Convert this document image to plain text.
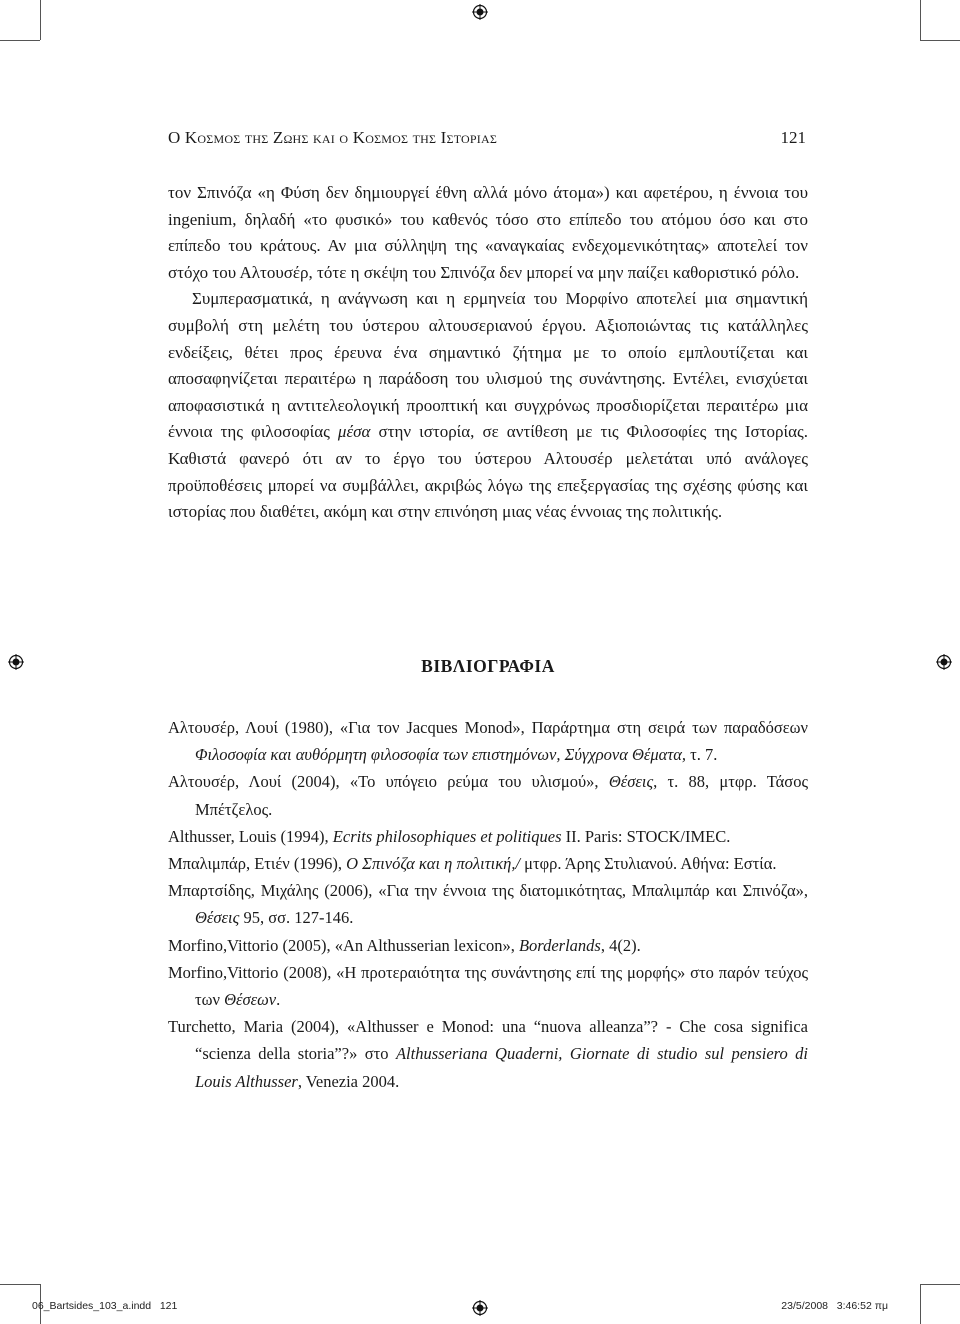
Ο Κοσμος της Ζωης και ο Κοσμος της Ιστοριας	121

τον Σπινόζα «η Φύση δεν δημιουργεί έθνη αλλά μόνο άτομα») και αφετέρου, η έννοια του ingenium, δηλαδή «το φυσικό» του καθενός τόσο στο επίπεδο του ατόμου όσο και στο επίπεδο του κράτους. Αν μια σύλληψη της «αναγκαίας ενδεχομενικότητας» αποτελεί τον στόχο του Αλτουσέρ, τότε η σκέψη του Σπινόζα δεν μπορεί να μην παίζει καθοριστικό ρόλο.

Συμπερασματικά, η ανάγνωση και η ερμηνεία του Μορφίνο αποτελεί μια σημαντική συμβολή στη μελέτη του ύστερου αλτουσεριανού έργου. Αξιοποιώντας τις κατάλληλες ενδείξεις, θέτει προς έρευνα ένα σημαντικό ζήτημα με το οποίο εμπλουτίζεται και αποσαφηνίζεται περαιτέρω η παράδοση του υλισμού της συνάντησης. Εντέλει, ενισχύεται αποφασιστικά η αντιτελεολογική προοπτική και συγχρόνως προσδιορίζεται περαιτέρω μια έννοια της φιλοσοφίας μέσα στην ιστορία, σε αντίθεση με τις Φιλοσοφίες της Ιστορίας. Καθιστά φανερό ότι αν το έργο του ύστερου Αλτουσέρ μελετάται υπό ανάλογες προϋποθέσεις μπορεί να συμβάλλει, ακριβώς λόγω της επεξεργασίας της σχέσης φύσης και ιστορίας που διαθέτει, ακόμη και στην επινόηση μιας νέας έννοιας της πολιτικής.

ΒΙΒΛΙΟΓΡΑΦΙΑ

Αλτουσέρ, Λουί (1980), «Για τον Jacques Monod», Παράρτημα στη σειρά των παραδόσεων Φιλοσοφία και αυθόρμητη φιλοσοφία των επιστημόνων, Σύγχρονα Θέματα, τ. 7.

Αλτουσέρ, Λουί (2004), «Το υπόγειο ρεύμα του υλισμού», Θέσεις, τ. 88, μτφρ. Τάσος Μπέτζελος.

Althusser, Louis (1994), Ecrits philosophiques et politiques II. Paris: STOCK/IMEC.

Μπαλιμπάρ, Ετιέν (1996), Ο Σπινόζα και η πολιτική,/ μτφρ. Άρης Στυλιανού. Αθήνα: Εστία.

Μπαρτσίδης, Μιχάλης (2006), «Για την έννοια της διατομικότητας, Μπαλιμπάρ και Σπινόζα», Θέσεις 95, σσ. 127-146.

Morfino,Vittorio (2005), «An Althusserian lexicon», Borderlands, 4(2).

Morfino,Vittorio (2008), «Η προτεραιότητα της συνάντησης επί της μορφής» στο παρόν τεύχος των Θέσεων.

Turchetto, Maria (2004), «Althusser e Monod: una “nuova alleanza”? - Che cosa significa “scienza della storia”?» στο Althusseriana Quaderni, Giornate di studio sul pensiero di Louis Althusser, Venezia 2004.

06_Bartsides_103_a.indd   121	23/5/2008   3:46:52 πμ
